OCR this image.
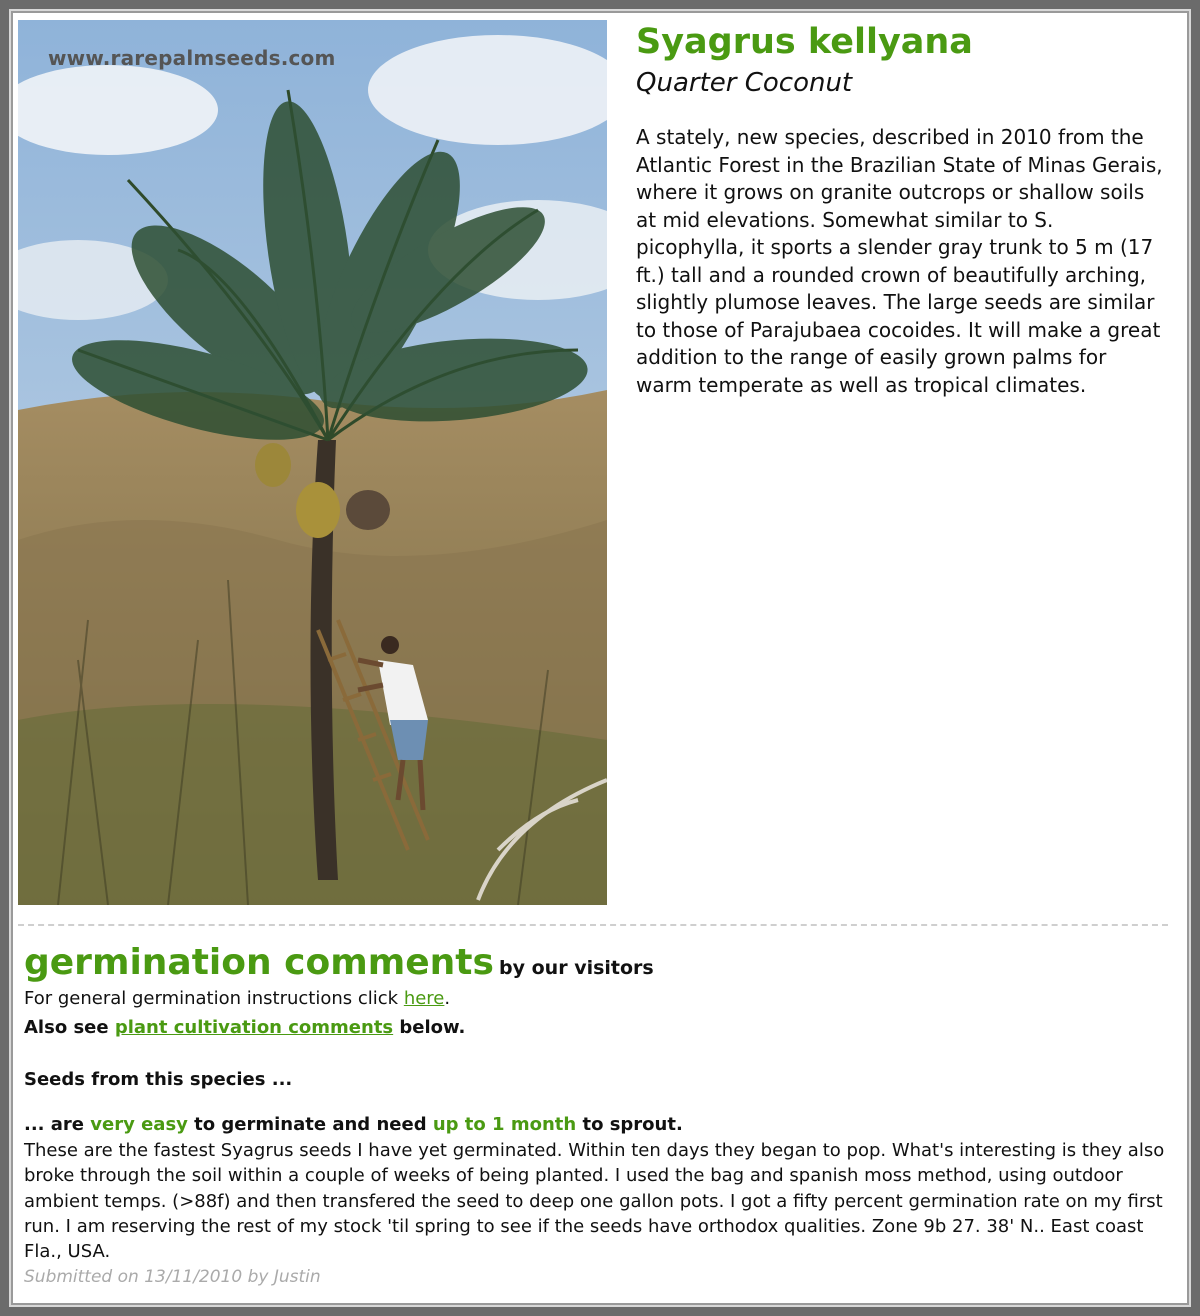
www.rarepalmseeds.com	Syagrus kellyana
Quarter Coconut
A stately, new species, described in 2010 from the Atlantic Forest in the Brazilian State of Minas Gerais, where it grows on granite outcrops or shallow soils at mid elevations. Somewhat similar to S. picophylla, it sports a slender gray trunk to 5 m (17 ft.) tall and a rounded crown of beautifully arching, slightly plumose leaves. The large seeds are similar to those of Parajubaea cocoides. It will make a great addition to the range of easily grown palms for warm temperate as well as tropical climates.
germination comments by our visitors
For general germination instructions click here.
Also see plant cultivation comments below.
Seeds from this species ...
... are very easy to germinate and need up to 1 month to sprout.
These are the fastest Syagrus seeds I have yet germinated. Within ten days they began to pop. What's interesting is they also broke through the soil within a couple of weeks of being planted. I used the bag and spanish moss method, using outdoor ambient temps. (>88f) and then transfered the seed to deep one gallon pots. I got a fifty percent germination rate on my first run. I am reserving the rest of my stock 'til spring to see if the seeds have orthodox qualities. Zone 9b 27. 38' N.. East coast Fla., USA.
Submitted on 13/11/2010 by Justin
